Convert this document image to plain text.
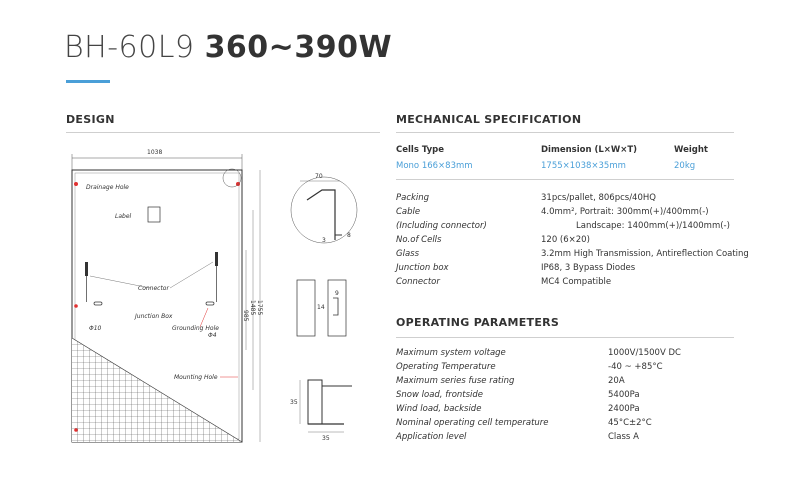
BH-60L9 360~390W
DESIGN
1038
Drainage Hole
Label
Connector
Junction Box
Φ10	Grounding Hole
Φ4
Mounting Hole
985
1485 1755
70
3
8
9
14
35
35
MECHANICAL SPECIFICATION
Cells Type	Dimension (L×W×T)	Weight
Mono 166×83mm	1755×1038×35mm	20kg
Packing	31pcs/pallet, 806pcs/40HQ
Cable	4.0mm², Portrait: 300mm(+)/400mm(-)
(Including connector)	Landscape: 1400mm(+)/1400mm(-)
No.of Cells	120 (6×20)
Glass	3.2mm High Transmission, Antireflection Coating
Junction box	IP68, 3 Bypass Diodes
Connector	MC4 Compatible
OPERATING PARAMETERS
Maximum system voltage	1000V/1500V DC
Operating Temperature	-40 ~ +85°C
Maximum series fuse rating	20A
Snow load, frontside	5400Pa
Wind load, backside	2400Pa
Nominal operating cell temperature	45°C±2°C
Application level	Class A
